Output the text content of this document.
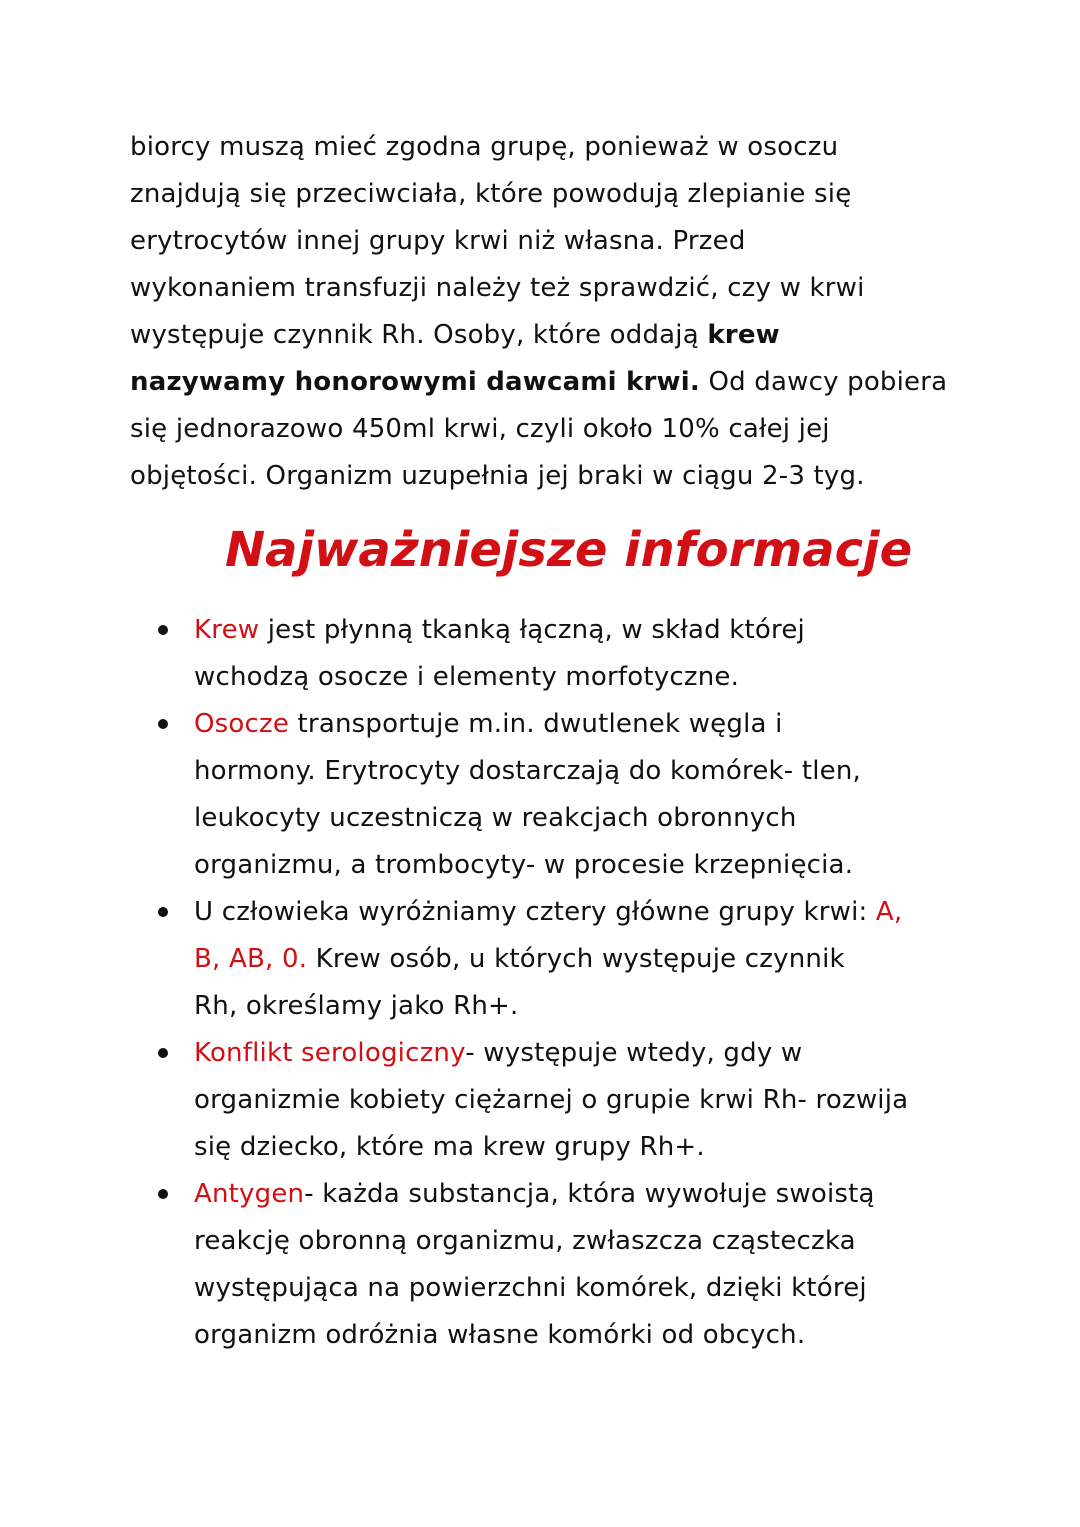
biorcy muszą mieć zgodna grupę, ponieważ w osoczu
znajdują się przeciwciała, które powodują zlepianie się
erytrocytów innej grupy krwi niż własna. Przed
wykonaniem transfuzji należy też sprawdzić, czy w krwi
występuje czynnik Rh. Osoby, które oddają krew
nazywamy honorowymi dawcami krwi. Od dawcy pobiera
się jednorazowo 450ml krwi, czyli około 10% całej jej
objętości. Organizm uzupełnia jej braki w ciągu 2-3 tyg.
Najważniejsze informacje
Krew jest płynną tkanką łączną, w skład której
wchodzą osocze i elementy morfotyczne.
Osocze transportuje m.in. dwutlenek węgla i
hormony. Erytrocyty dostarczają do komórek- tlen,
leukocyty uczestniczą w reakcjach obronnych
organizmu, a trombocyty- w procesie krzepnięcia.
U człowieka wyróżniamy cztery główne grupy krwi: A,
B, AB, 0. Krew osób, u których występuje czynnik
Rh, określamy jako Rh+.
Konflikt serologiczny- występuje wtedy, gdy w
organizmie kobiety ciężarnej o grupie krwi Rh- rozwija
się dziecko, które ma krew grupy Rh+.
Antygen- każda substancja, która wywołuje swoistą
reakcję obronną organizmu, zwłaszcza cząsteczka
występująca na powierzchni komórek, dzięki której
organizm odróżnia własne komórki od obcych.
